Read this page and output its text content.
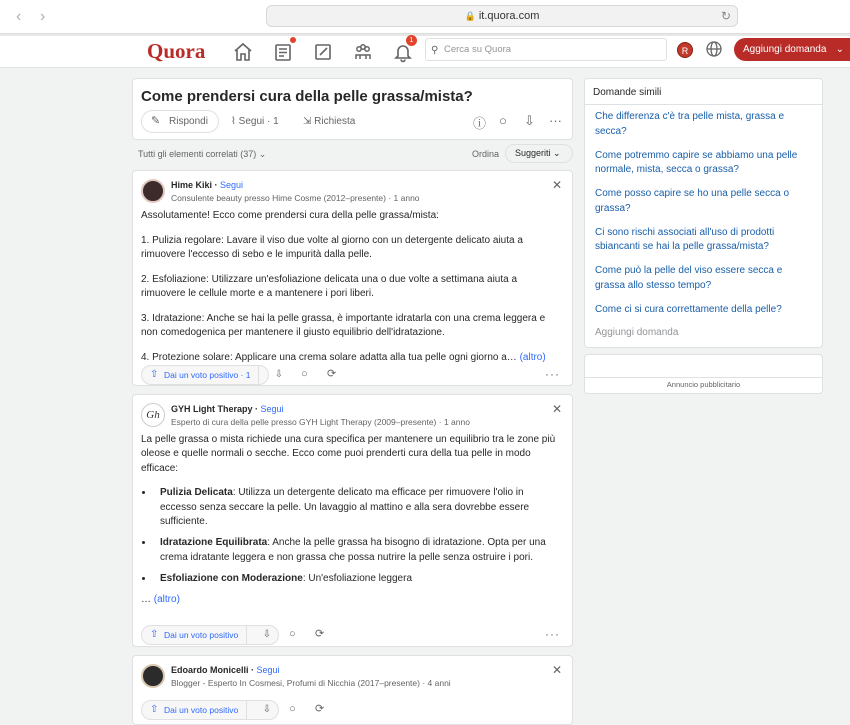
‹ ›	🔒 it.quora.com	↻
Quora	1
⚲ Cerca su Quora	R	Aggiungi domanda ⌄
Come prendersi cura della pelle grassa/mista?
✎ Rispondi	⌇ Segui · 1 ⇲ Richiesta	ⓘ ○ ⇩ ···
Tutti gli elementi correlati (37) ⌄	Ordina	Suggeriti ⌄
Hime Kiki · Segui
Consulente beauty presso Hime Cosme (2012–presente) · 1 anno
✕

Assolutamente! Ecco come prendersi cura della pelle grassa/mista:

1. Pulizia regolare: Lavare il viso due volte al giorno con un detergente delicato aiuta a rimuovere l'eccesso di sebo e le impurità dalla pelle.

2. Esfoliazione: Utilizzare un'esfoliazione delicata una o due volte a settimana aiuta a rimuovere le cellule morte e a mantenere i pori liberi.

3. Idratazione: Anche se hai la pelle grassa, è importante idratarla con una crema leggera e non comedogenica per mantenere il giusto equilibrio dell'idratazione.

4. Protezione solare: Applicare una crema solare adatta alla tua pelle ogni giorno a… (altro)

⇧ Dai un voto positivo · 1	⇩	○ ⟳	···
Gh	GYH Light Therapy · Segui
Esperto di cura della pelle presso GYH Light Therapy (2009–presente) · 1 anno
✕

La pelle grassa o mista richiede una cura specifica per mantenere un equilibrio tra le zone più oleose e quelle normali o secche. Ecco come puoi prenderti cura della tua pelle in modo efficace:

• Pulizia Delicata: Utilizza un detergente delicato ma efficace per rimuovere l'olio in eccesso senza seccare la pelle. Un lavaggio al mattino e alla sera dovrebbe essere sufficiente.
• Idratazione Equilibrata: Anche la pelle grassa ha bisogno di idratazione. Opta per una crema idratante leggera e non grassa che possa nutrire la pelle senza ostruire i pori.
• Esfoliazione con Moderazione: Un'esfoliazione leggera

… (altro)

⇧ Dai un voto positivo	⇩	○ ⟳	···
Edoardo Monicelli · Segui
Blogger - Esperto In Cosmesi, Profumi di Nicchia (2017–presente) · 4 anni
✕
⇧ Dai un voto positivo	⇩	○ ⟳
Domande simili
Che differenza c'è tra pelle mista, grassa e secca?
Come potremmo capire se abbiamo una pelle normale, mista, secca o grassa?
Come posso capire se ho una pelle secca o grassa?
Ci sono rischi associati all'uso di prodotti sbiancanti se hai la pelle grassa/mista?
Come può la pelle del viso essere secca e grassa allo stesso tempo?
Come ci si cura correttamente della pelle?
Aggiungi domanda
Annuncio pubblicitario
